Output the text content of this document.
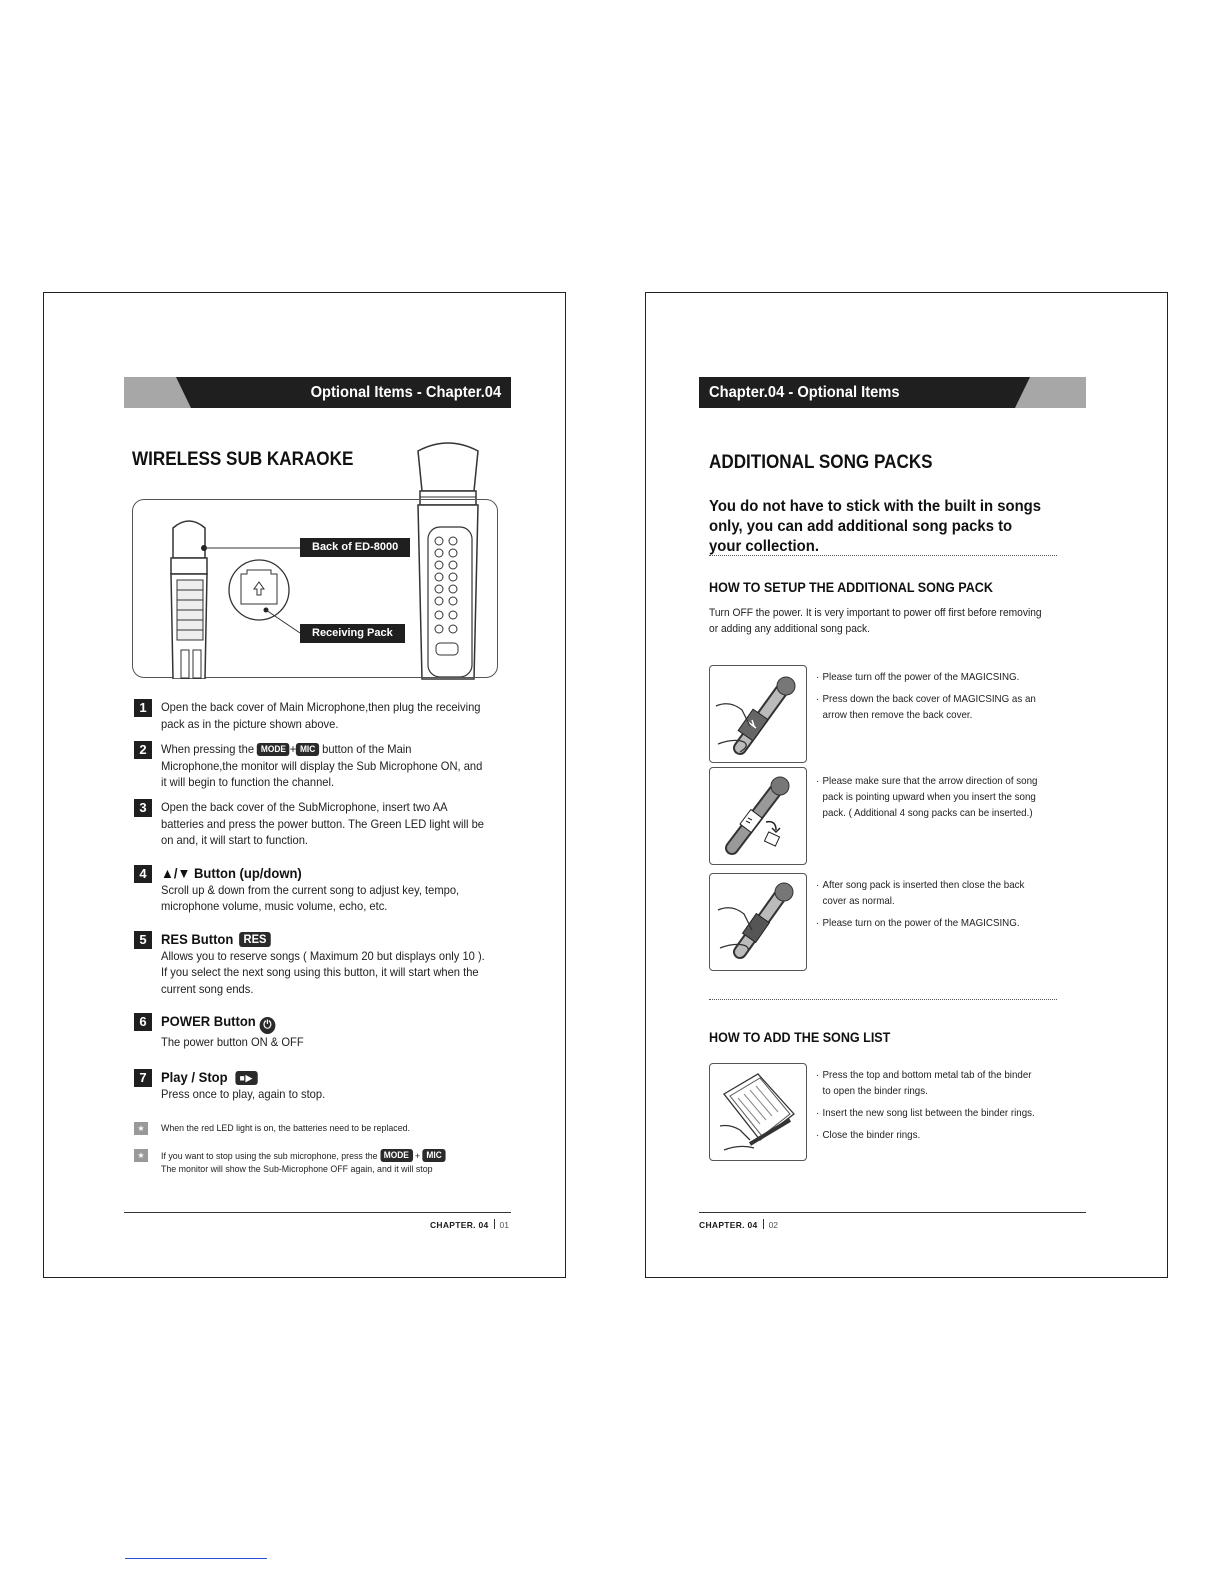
Optional Items - Chapter.04
WIRELESS SUB KARAOKE
Back of ED-8000
Receiving Pack
1	Open the back cover of Main Microphone,then plug the receiving pack as in the picture shown above.
2	When pressing the MODE + MIC button of the Main Microphone,the monitor will display the Sub Microphone ON, and it will begin to function the channel.
3	Open the back cover of the SubMicrophone, insert two AA batteries and press the power button. The Green LED light will be on and, it will start to function.
4	▲/▼ Button (up/down)
Scroll up & down from the current song to adjust key, tempo, microphone volume, music volume, echo, etc.
5	RES Button RES
Allows you to reserve songs ( Maximum 20 but displays only 10 ). If you select the next song using this button, it will start when the current song ends.
6	POWER Button ⏻
The power button ON & OFF
7	Play / Stop ■▶
Press once to play, again to stop.
★	When the red LED light is on, the batteries need to be replaced.
★	If you want to stop using the sub microphone, press the MODE + MIC
The monitor will show the Sub-Microphone OFF again, and it will stop
CHAPTER. 04 01
Chapter.04 - Optional Items
ADDITIONAL SONG PACKS
You do not have to stick with the built in songs only, you can add additional song packs to your collection.
HOW TO SETUP THE ADDITIONAL SONG PACK
Turn OFF the power. It is very important to power off first before removing or adding any additional song pack.
· Please turn off the power of the MAGICSING.
· Press down the back cover of MAGICSING as an arrow then remove the back cover.
· Please make sure that the arrow direction of song pack is pointing upward when you insert the song pack. ( Additional 4 song packs can be inserted.)
· After song pack is inserted then close the back cover as normal.
· Please turn on the power of the MAGICSING.
HOW TO ADD THE SONG LIST
· Press the top and bottom metal tab of the binder to open the binder rings.
· Insert the new song list between the binder rings.
· Close the binder rings.
CHAPTER. 04 02
